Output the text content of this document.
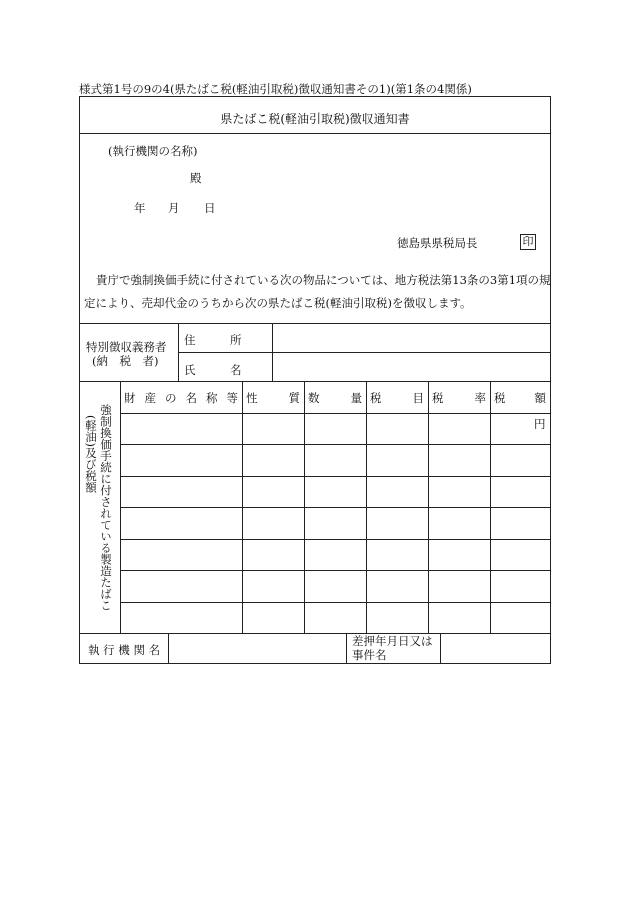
様式第1号の9の4(県たばこ税(軽油引取税)徴収通知書その1)(第1条の4関係)
県たばこ税(軽油引取税)徴収通知書
(執行機関の名称)
殿
年 月 日
徳島県県税局長	印
貴庁で強制換価手続に付されている次の物品については、地方税法第13条の3第1項の規
定により、売却代金のうちから次の県たばこ税(軽油引取税)を徴収します。
特別徴収義務者
(納　税　者)
住　　　所
氏　　　名
強制換価手続に付されている製造たばこ
(軽油)及び税額
執 行 機 関 名
差押年月日又は
事件名
財 産 の 名 称 等 性　　質 数　　量 税　　目 税　　率 税　　額
円
